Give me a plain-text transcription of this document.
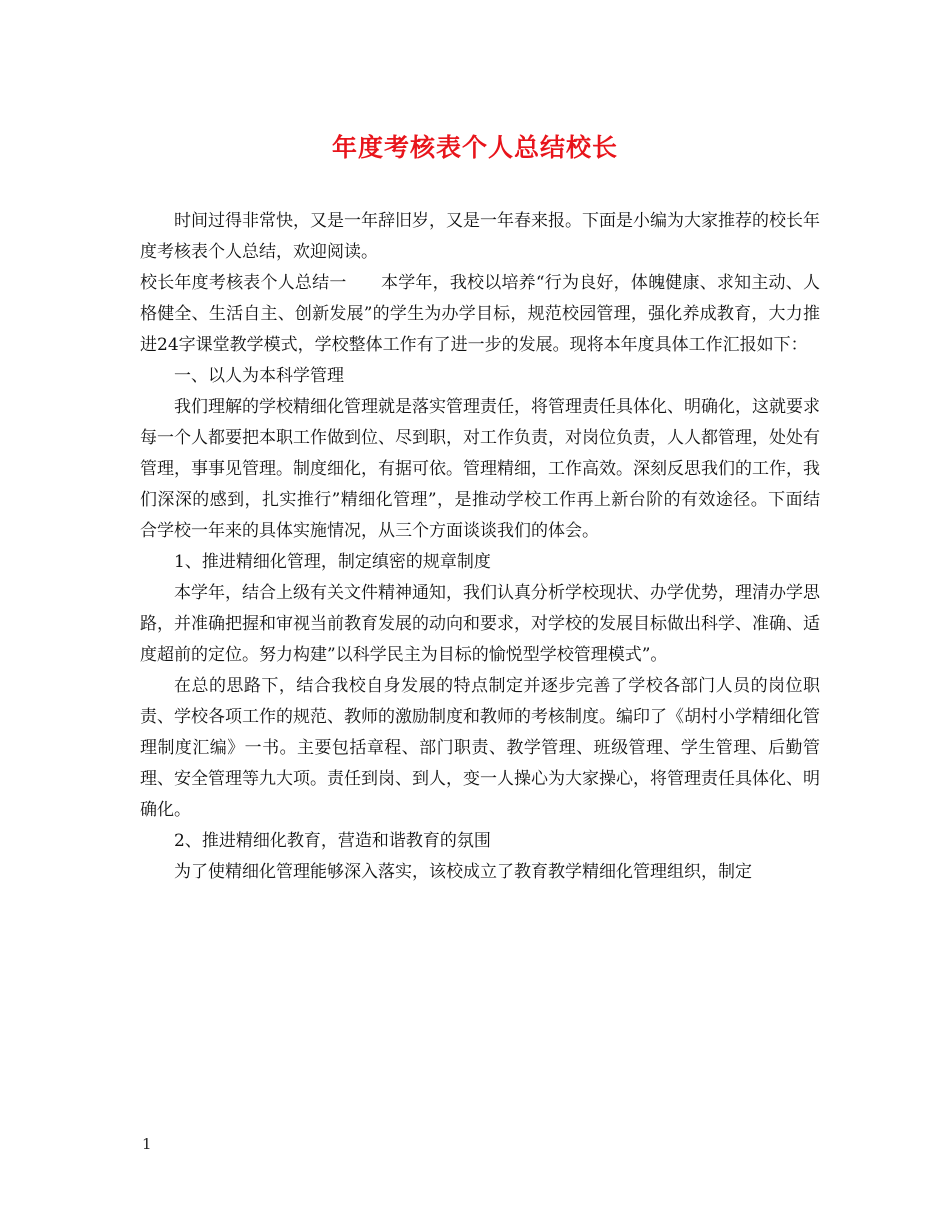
年度考核表个人总结校长

时间过得非常快，又是一年辞旧岁，又是一年春来报。下面是小编为大家推荐的校长年度考核表个人总结，欢迎阅读。

校长年度考核表个人总结一　　本学年，我校以培养“行为良好，体魄健康、求知主动、人格健全、生活自主、创新发展”的学生为办学目标，规范校园管理，强化养成教育，大力推进24字课堂教学模式，学校整体工作有了进一步的发展。现将本年度具体工作汇报如下：

一、以人为本科学管理

我们理解的学校精细化管理就是落实管理责任，将管理责任具体化、明确化，这就要求每一个人都要把本职工作做到位、尽到职，对工作负责，对岗位负责，人人都管理，处处有管理，事事见管理。制度细化，有据可依。管理精细，工作高效。深刻反思我们的工作，我们深深的感到，扎实推行”精细化管理”，是推动学校工作再上新台阶的有效途径。下面结合学校一年来的具体实施情况，从三个方面谈谈我们的体会。

1、推进精细化管理，制定缜密的规章制度

本学年，结合上级有关文件精神通知，我们认真分析学校现状、办学优势，理清办学思路，并准确把握和审视当前教育发展的动向和要求，对学校的发展目标做出科学、准确、适度超前的定位。努力构建”以科学民主为目标的愉悦型学校管理模式”。

在总的思路下，结合我校自身发展的特点制定并逐步完善了学校各部门人员的岗位职责、学校各项工作的规范、教师的激励制度和教师的考核制度。编印了《胡村小学精细化管理制度汇编》一书。主要包括章程、部门职责、教学管理、班级管理、学生管理、后勤管理、安全管理等九大项。责任到岗、到人，变一人操心为大家操心，将管理责任具体化、明确化。

2、推进精细化教育，营造和谐教育的氛围

为了使精细化管理能够深入落实，该校成立了教育教学精细化管理组织，制定

1
